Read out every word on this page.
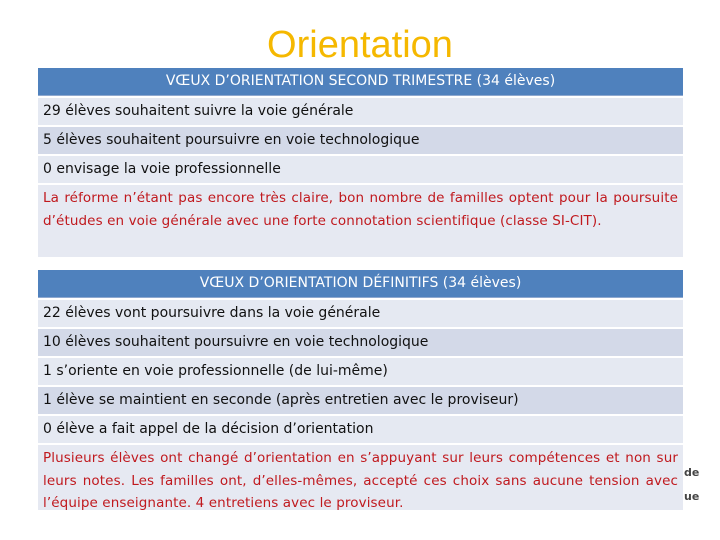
Orientation
VŒUX D’ORIENTATION SECOND TRIMESTRE (34 élèves)
29 élèves souhaitent suivre la voie générale
5 élèves souhaitent poursuivre en voie technologique
0 envisage la voie professionnelle
La réforme n’étant pas encore très claire, bon nombre de familles optent pour la poursuite d’études en voie générale avec une forte connotation scientifique (classe SI-CIT).
VŒUX D’ORIENTATION DÉFINITIFS (34 élèves)
22 élèves vont poursuivre dans la voie générale
10 élèves souhaitent poursuivre en voie technologique
1 s’oriente en voie professionnelle (de lui-même)
1 élève se maintient en seconde (après entretien avec le proviseur)
0 élève a fait appel de la décision d’orientation
Plusieurs élèves ont changé d’orientation en s’appuyant sur leurs compétences et non sur leurs notes. Les familles ont, d’elles-mêmes, accepté ces choix sans aucune tension avec l’équipe enseignante. 4 entretiens avec le proviseur.
de
ue
